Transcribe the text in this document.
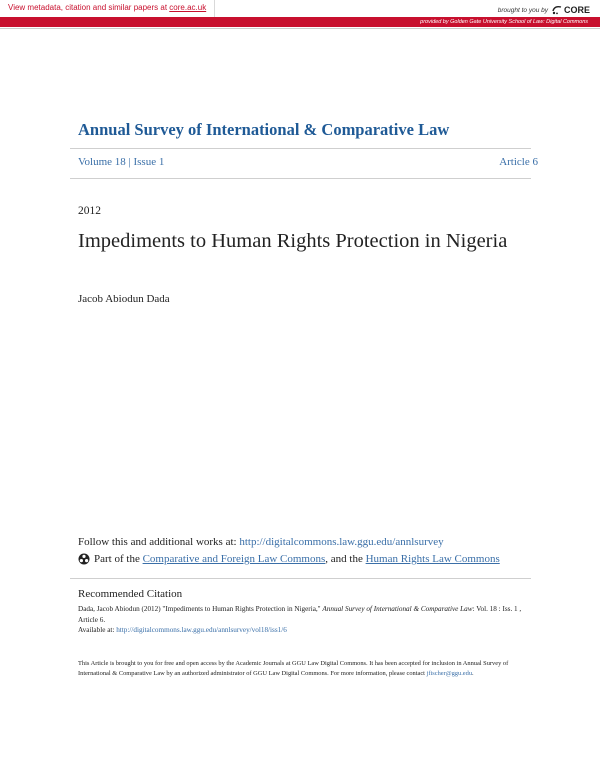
View metadata, citation and similar papers at core.ac.uk	brought to you by CORE
provided by Golden Gate University School of Law: Digital Commons
Annual Survey of International & Comparative Law
Volume 18 | Issue 1	Article 6
2012
Impediments to Human Rights Protection in Nigeria
Jacob Abiodun Dada
Follow this and additional works at: http://digitalcommons.law.ggu.edu/annlsurvey
Part of the Comparative and Foreign Law Commons, and the Human Rights Law Commons
Recommended Citation
Dada, Jacob Abiodun (2012) "Impediments to Human Rights Protection in Nigeria," Annual Survey of International & Comparative Law: Vol. 18 : Iss. 1 , Article 6.
Available at: http://digitalcommons.law.ggu.edu/annlsurvey/vol18/iss1/6
This Article is brought to you for free and open access by the Academic Journals at GGU Law Digital Commons. It has been accepted for inclusion in Annual Survey of International & Comparative Law by an authorized administrator of GGU Law Digital Commons. For more information, please contact jfischer@ggu.edu.
